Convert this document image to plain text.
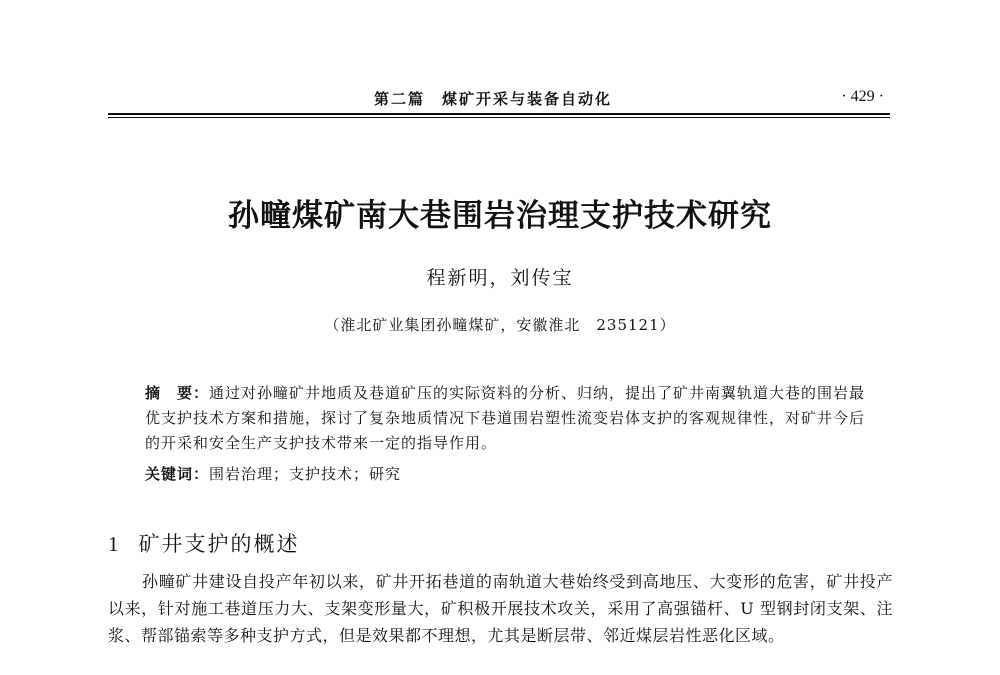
第二篇　煤矿开采与装备自动化	· 429 ·
孙疃煤矿南大巷围岩治理支护技术研究
程新明，刘传宝
（淮北矿业集团孙疃煤矿，安徽淮北　235121）
摘　要：通过对孙疃矿井地质及巷道矿压的实际资料的分析、归纳，提出了矿井南翼轨道大巷的围岩最优支护技术方案和措施，探讨了复杂地质情况下巷道围岩塑性流变岩体支护的客观规律性，对矿井今后的开采和安全生产支护技术带来一定的指导作用。
关键词：围岩治理；支护技术；研究
1 矿井支护的概述
孙疃矿井建设自投产年初以来，矿井开拓巷道的南轨道大巷始终受到高地压、大变形的危害，矿井投产以来，针对施工巷道压力大、支架变形量大，矿积极开展技术攻关，采用了高强锚杆、U 型钢封闭支架、注浆、帮部锚索等多种支护方式，但是效果都不理想，尤其是断层带、邻近煤层岩性恶化区域。
